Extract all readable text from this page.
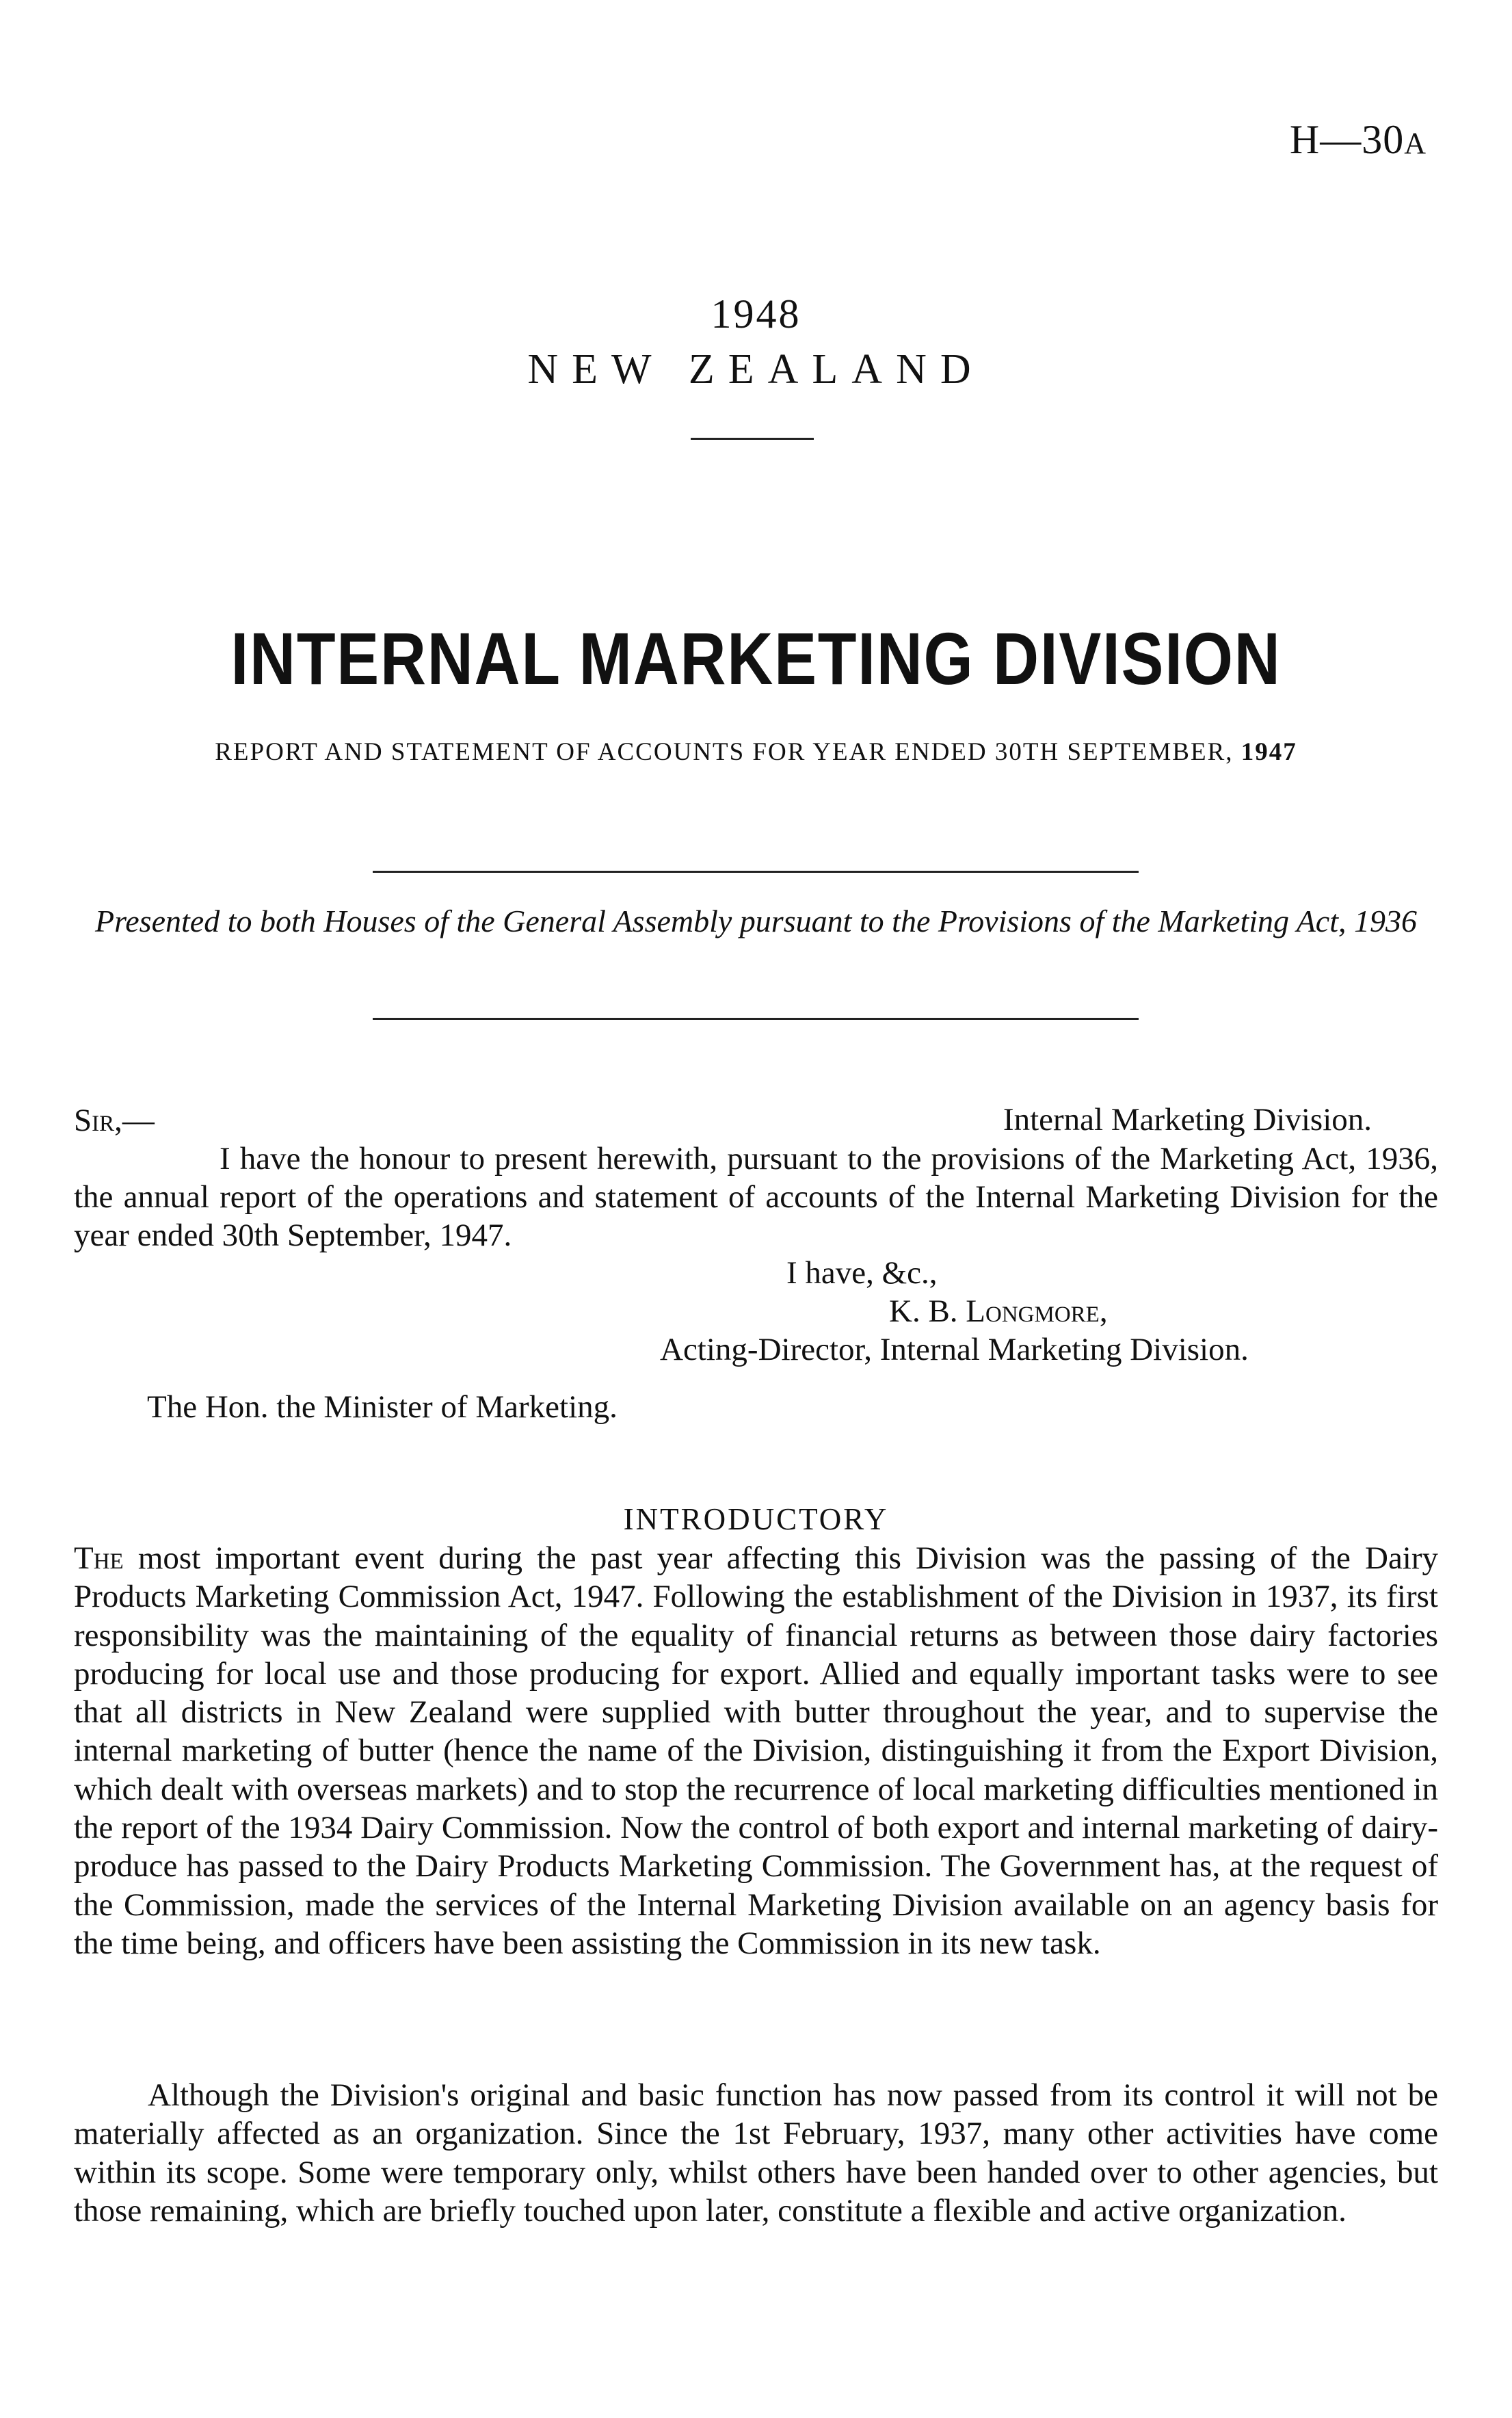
H—30A
1948
NEW ZEALAND
INTERNAL MARKETING DIVISION
REPORT AND STATEMENT OF ACCOUNTS FOR YEAR ENDED 30TH SEPTEMBER, 1947
Presented to both Houses of the General Assembly pursuant to the Provisions of the Marketing Act, 1936
Sir,—	Internal Marketing Division.
I have the honour to present herewith, pursuant to the provisions of the Marketing Act, 1936, the annual report of the operations and statement of accounts of the Internal Marketing Division for the year ended 30th September, 1947.
I have, &c.,
K. B. Longmore,
Acting-Director, Internal Marketing Division.
The Hon. the Minister of Marketing.
INTRODUCTORY
The most important event during the past year affecting this Division was the passing of the Dairy Products Marketing Commission Act, 1947. Following the establishment of the Division in 1937, its first responsibility was the maintaining of the equality of financial returns as between those dairy factories producing for local use and those producing for export. Allied and equally important tasks were to see that all districts in New Zealand were supplied with butter throughout the year, and to supervise the internal marketing of butter (hence the name of the Division, distinguishing it from the Export Division, which dealt with overseas markets) and to stop the recurrence of local marketing difficulties mentioned in the report of the 1934 Dairy Commission. Now the control of both export and internal marketing of dairy-produce has passed to the Dairy Products Marketing Commission. The Government has, at the request of the Commission, made the services of the Internal Marketing Division available on an agency basis for the time being, and officers have been assisting the Commission in its new task.
Although the Division's original and basic function has now passed from its control it will not be materially affected as an organization. Since the 1st February, 1937, many other activities have come within its scope. Some were temporary only, whilst others have been handed over to other agencies, but those remaining, which are briefly touched upon later, constitute a flexible and active organization.
